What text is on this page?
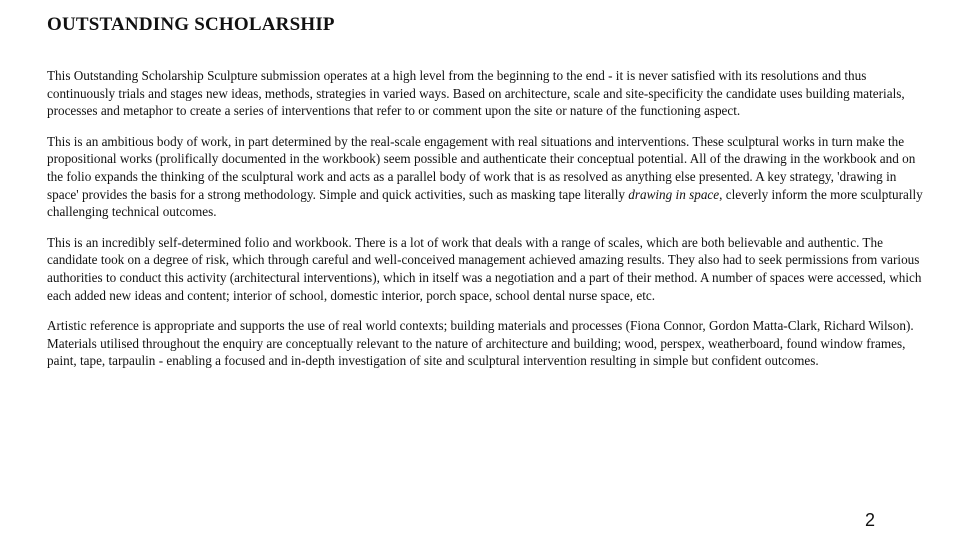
OUTSTANDING SCHOLARSHIP

This Outstanding Scholarship Sculpture submission operates at a high level from the beginning to the end - it is never satisfied with its resolutions and thus continuously trials and stages new ideas, methods, strategies in varied ways. Based on architecture, scale and site-specificity the candidate uses building materials, processes and metaphor to create a series of interventions that refer to or comment upon the site or nature of the functioning aspect.

This is an ambitious body of work, in part determined by the real-scale engagement with real situations and interventions. These sculptural works in turn make the propositional works (prolifically documented in the workbook) seem possible and authenticate their conceptual potential. All of the drawing in the workbook and on the folio expands the thinking of the sculptural work and acts as a parallel body of work that is as resolved as anything else presented. A key strategy, 'drawing in space' provides the basis for a strong methodology. Simple and quick activities, such as masking tape literally drawing in space, cleverly inform the more sculpturally challenging technical outcomes.

This is an incredibly self-determined folio and workbook. There is a lot of work that deals with a range of scales, which are both believable and authentic. The candidate took on a degree of risk, which through careful and well-conceived management achieved amazing results. They also had to seek permissions from various authorities to conduct this activity (architectural interventions), which in itself was a negotiation and a part of their method. A number of spaces were accessed, which each added new ideas and content; interior of school, domestic interior, porch space, school dental nurse space, etc.

Artistic reference is appropriate and supports the use of real world contexts; building materials and processes (Fiona Connor, Gordon Matta-Clark, Richard Wilson). Materials utilised throughout the enquiry are conceptually relevant to the nature of architecture and building; wood, perspex, weatherboard, found window frames, paint, tape, tarpaulin - enabling a focused and in-depth investigation of site and sculptural intervention resulting in simple but confident outcomes.

2
